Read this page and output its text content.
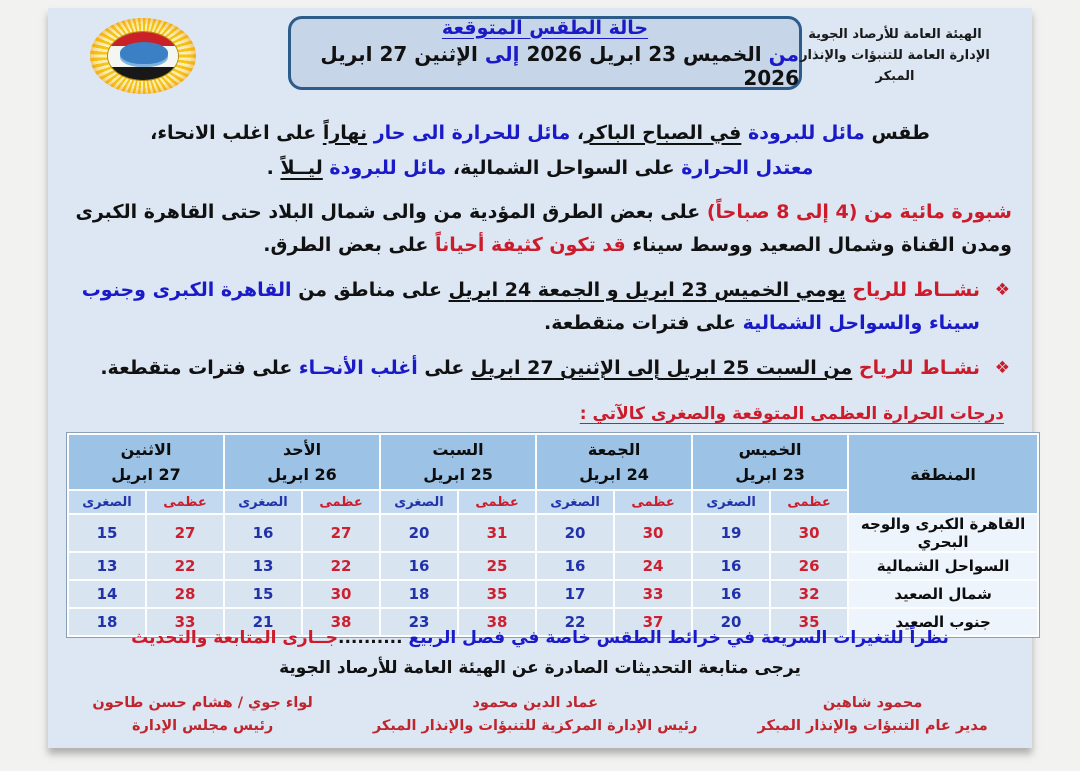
حالة الطقس المتوقعة
من الخميس 23 ابريل 2026 إلى الإثنين 27 ابريل 2026
الهيئة العامة للأرصاد الجوية
الإدارة العامة للتنبؤات والإنذار المبكر
طقس مائل للبرودة في الصباح الباكر، مائل للحرارة الى حار نهاراً على اغلب الانحاء،
معتدل الحرارة على السواحل الشمالية، مائل للبرودة ليــلاً .
شبورة مائية من (4 إلى 8 صباحاً) على بعض الطرق المؤدية من والى شمال البلاد حتى القاهرة الكبرى ومدن القناة وشمال الصعيد ووسط سيناء قد تكون كثيفة أحياناً على بعض الطرق.
❖
نشــاط للرياح يومي الخميس 23 ابريل و الجمعة 24 ابريل على مناطق من القاهرة الكبرى وجنوب سيناء والسواحل الشمالية على فترات متقطعة.
❖
نشـاط للرياح من السبت 25 ابريل إلى الإثنين 27 ابريل على أغلب الأنحـاء على فترات متقطعة.
درجات الحرارة العظمى المتوقعة والصغرى كالآتي :
المنطقة	
الخميس
23 ابريل

الجمعة
24 ابريل

السبت
25 ابريل

الأحد
26 ابريل

الاثنين
27 ابريل

	عظمى	الصغرى	عظمى	الصغرى	عظمى	الصغرى	عظمى	الصغرى	عظمى	الصغرى
القاهرة الكبرى والوجه البحري	30	19	30	20	31	20	27	16	27	15
السواحل الشمالية	26	16	24	16	25	16	22	13	22	13
شمال الصعيد	32	16	33	17	35	18	30	15	28	14
جنوب الصعيد	35	20	37	22	38	23	38	21	33	18
نظراً للتغيرات السريعة في خرائط الطقس خاصة في فصل الربيع ..........جــارى المتابعة والتحديث
يرجى متابعة التحديثات الصادرة عن الهيئة العامة للأرصاد الجوية
محمود شاهين
مدير عام التنبؤات والإنذار المبكر
عماد الدين محمود
رئيس الإدارة المركزية للتنبؤات والإنذار المبكر
لواء جوي / هشام حسن طاحون
رئيس مجلس الإدارة
